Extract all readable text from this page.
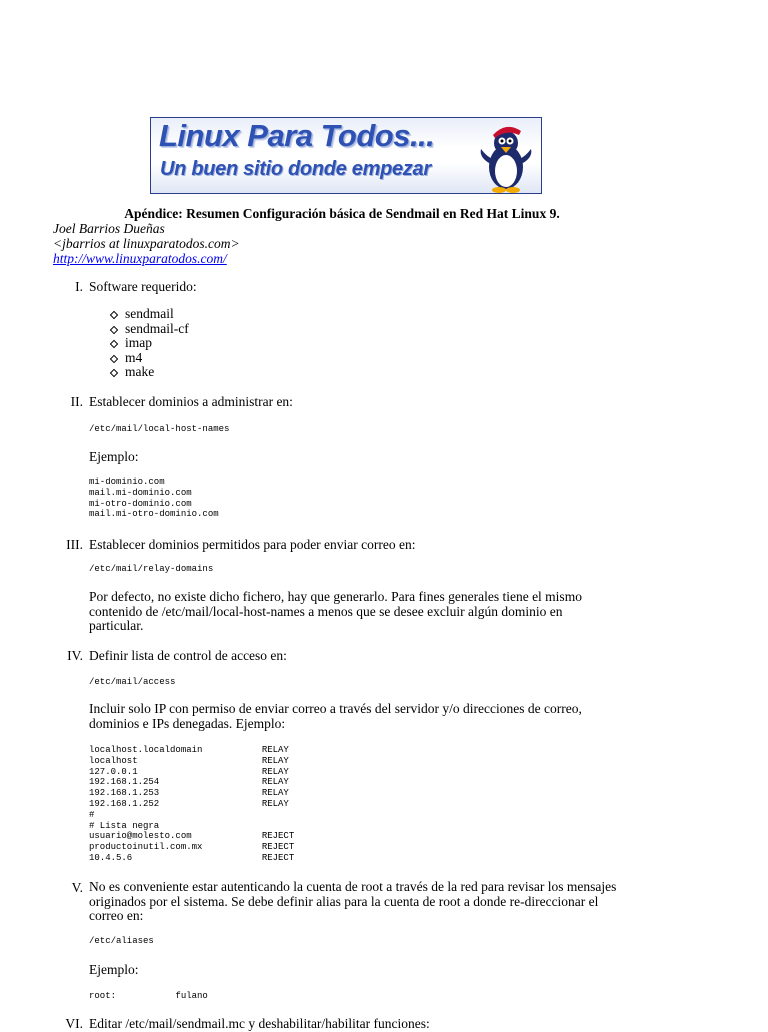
Linux Para Todos...
Un buen sitio donde empezar
Apéndice: Resumen Configuración básica de Sendmail en Red Hat Linux 9.
Joel Barrios Dueñas
<jbarrios at linuxparatodos.com>
http://www.linuxparatodos.com/
I. Software requerido:
sendmail
sendmail-cf
imap
m4
make
II. Establecer dominios a administrar en:
/etc/mail/local-host-names
Ejemplo:
mi-dominio.com
mail.mi-dominio.com
mi-otro-dominio.com
mail.mi-otro-dominio.com
III. Establecer dominios permitidos para poder enviar correo en:
/etc/mail/relay-domains
Por defecto, no existe dicho fichero, hay que generarlo. Para fines generales tiene el mismo contenido de /etc/mail/local-host-names a menos que se desee excluir algún dominio en particular.
IV. Definir lista de control de acceso en:
/etc/mail/access
Incluir solo IP con permiso de enviar correo a través del servidor y/o direcciones de correo, dominios e IPs denegadas. Ejemplo:
localhost.localdomain           RELAY
localhost                       RELAY
127.0.0.1                       RELAY
192.168.1.254                   RELAY
192.168.1.253                   RELAY
192.168.1.252                   RELAY
#
# Lista negra
usuario@molesto.com             REJECT
productoinutil.com.mx           REJECT
10.4.5.6                        REJECT
V. No es conveniente estar autenticando la cuenta de root a través de la red para revisar los mensajes originados por el sistema. Se debe definir alias para la cuenta de root a donde re-direccionar el correo en:
/etc/aliases
Ejemplo:
root:           fulano
VI. Editar /etc/mail/sendmail.mc y deshabilitar/habilitar funciones:
